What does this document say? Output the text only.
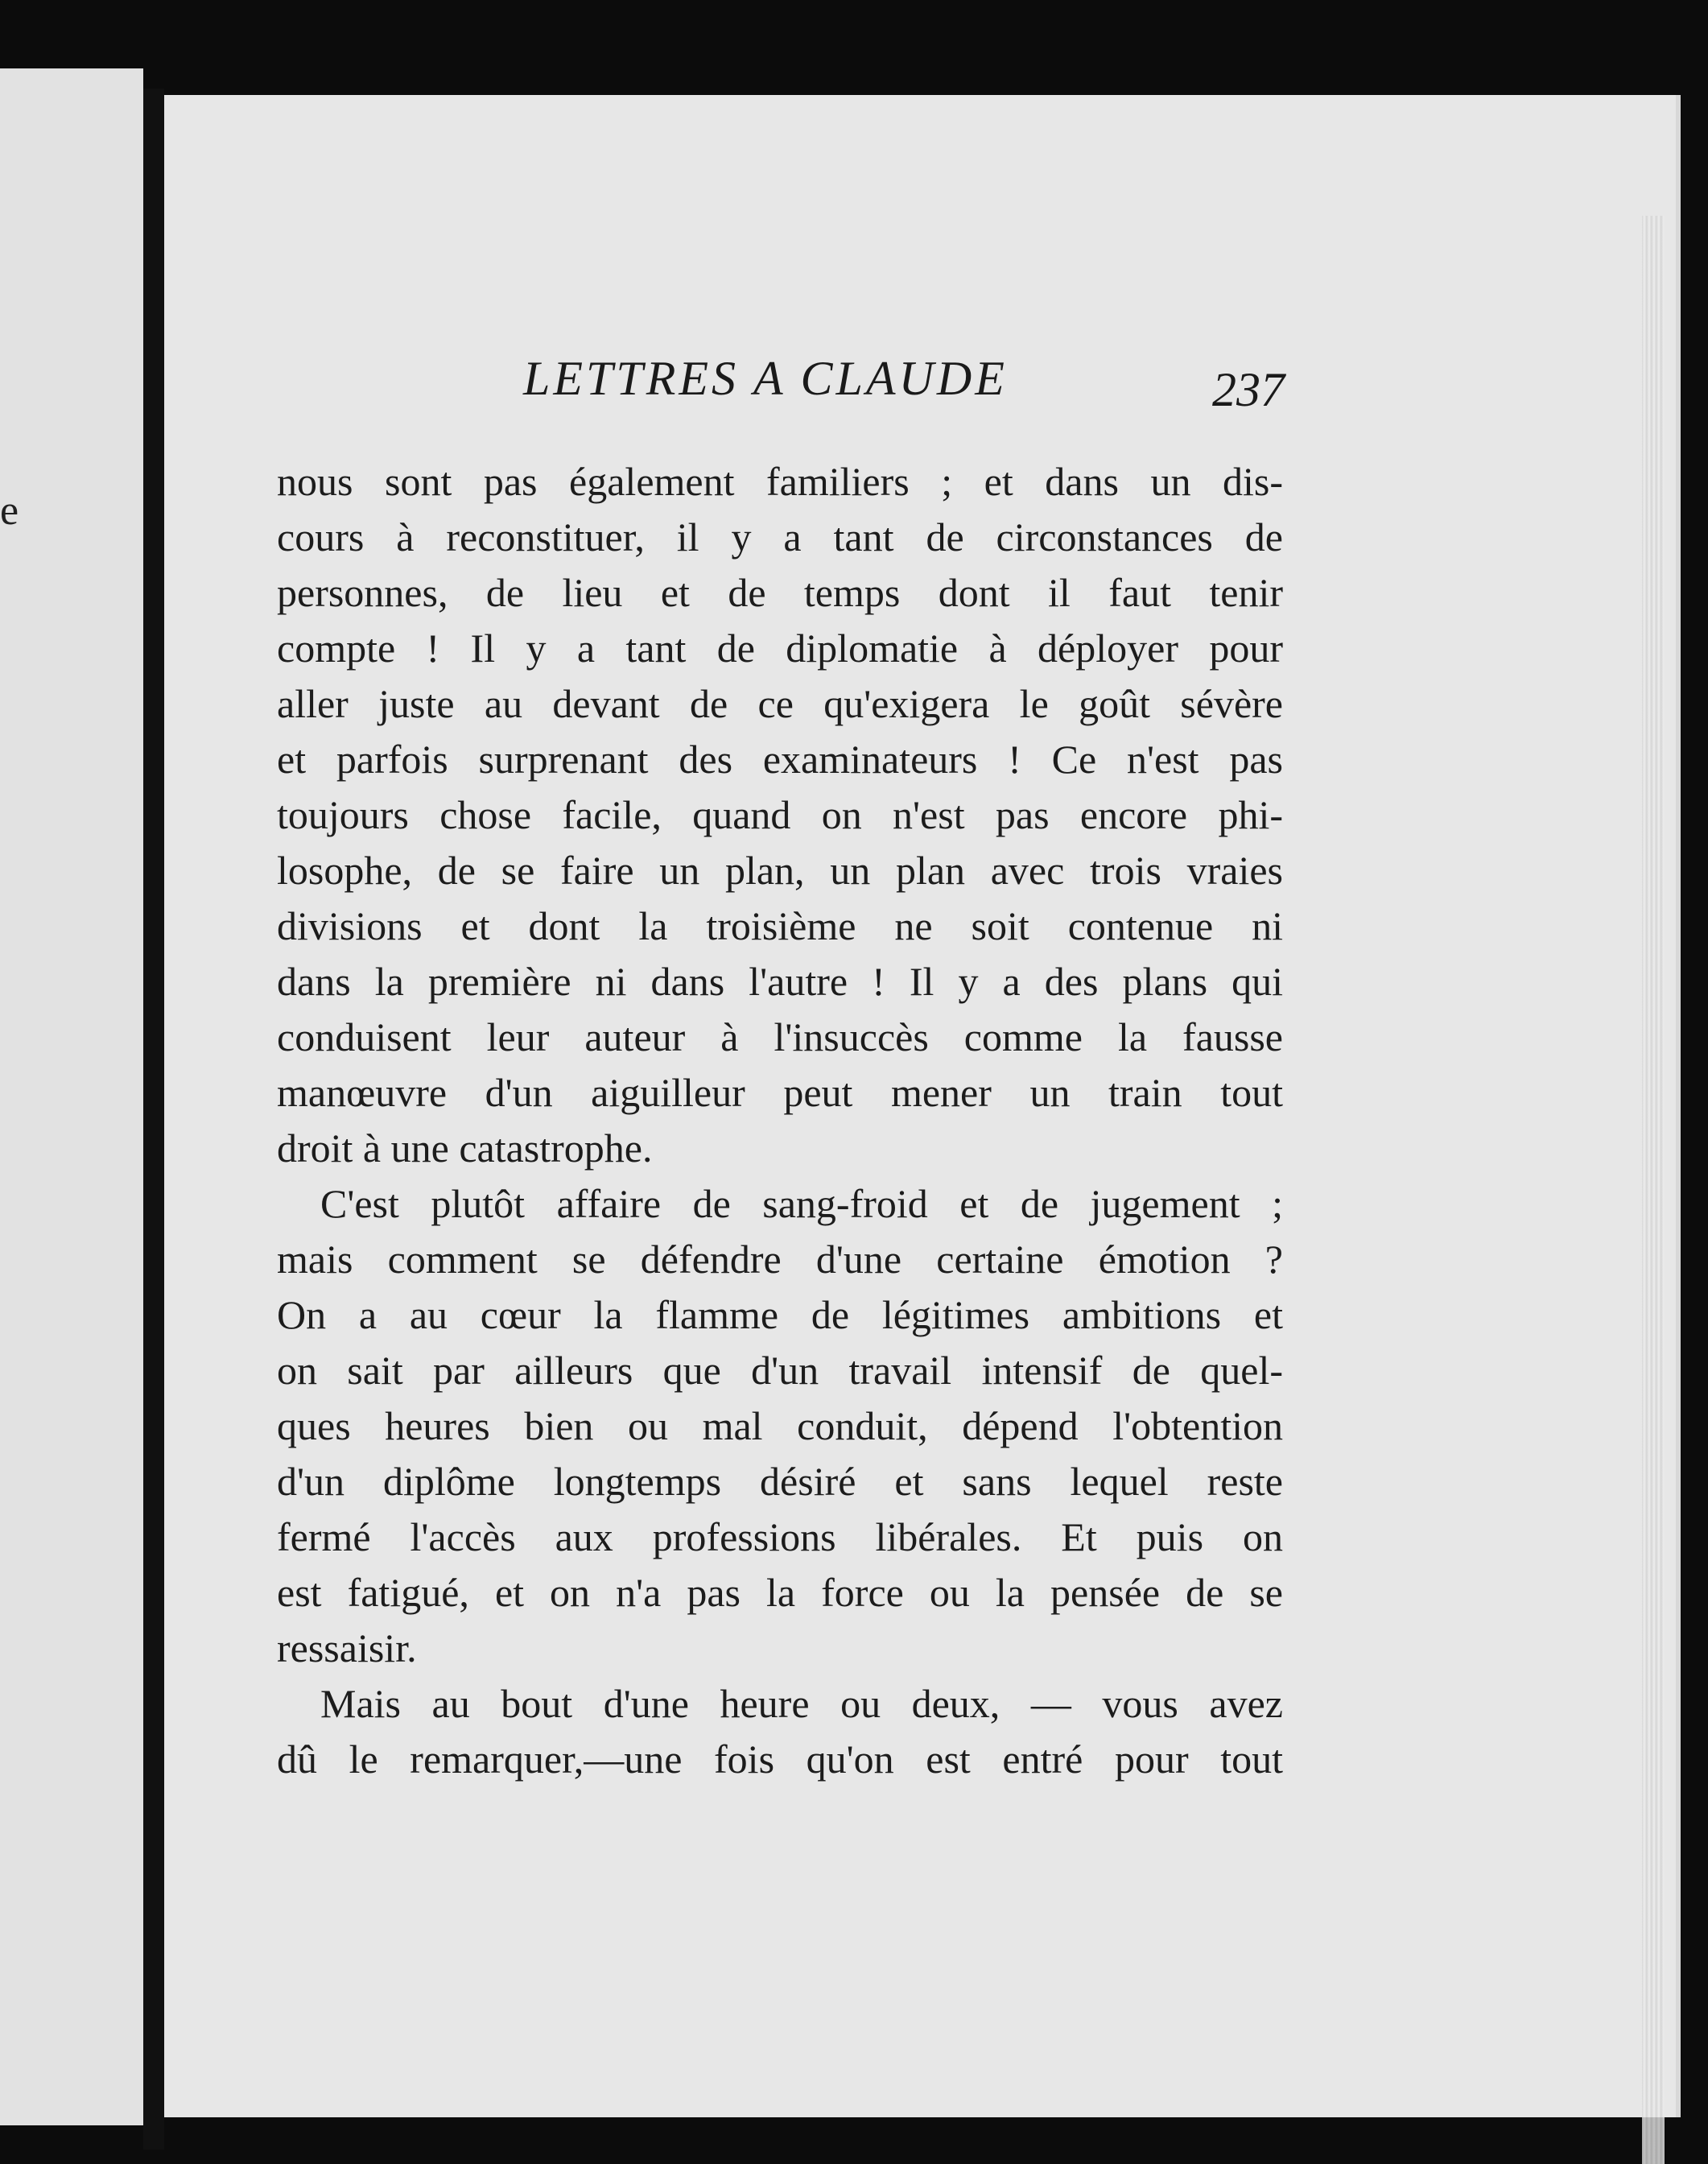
e
LETTRES A CLAUDE	237
nous sont pas également familiers ; et dans un dis-
cours à reconstituer, il y a tant de circonstances de
personnes, de lieu et de temps dont il faut tenir
compte ! Il y a tant de diplomatie à déployer pour
aller juste au devant de ce qu'exigera le goût sévère
et parfois surprenant des examinateurs ! Ce n'est pas
toujours chose facile, quand on n'est pas encore phi-
losophe, de se faire un plan, un plan avec trois vraies
divisions et dont la troisième ne soit contenue ni
dans la première ni dans l'autre ! Il y a des plans qui
conduisent leur auteur à l'insuccès comme la fausse
manœuvre d'un aiguilleur peut mener un train tout
droit à une catastrophe.
C'est plutôt affaire de sang-froid et de jugement ;
mais comment se défendre d'une certaine émotion ?
On a au cœur la flamme de légitimes ambitions et
on sait par ailleurs que d'un travail intensif de quel-
ques heures bien ou mal conduit, dépend l'obtention
d'un diplôme longtemps désiré et sans lequel reste
fermé l'accès aux professions libérales. Et puis on
est fatigué, et on n'a pas la force ou la pensée de se
ressaisir.
Mais au bout d'une heure ou deux, — vous avez
dû le remarquer,—une fois qu'on est entré pour tout
